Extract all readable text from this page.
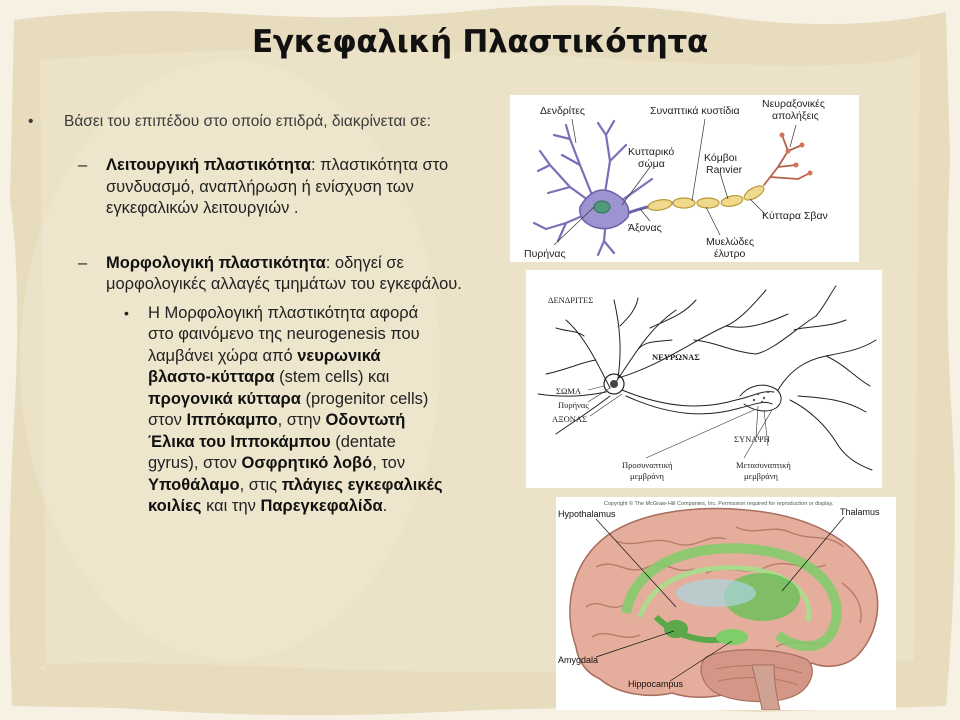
Εγκεφαλική Πλαστικότητα
• Βάσει του επιπέδου στο οποίο επιδρά, διακρίνεται σε:
– Λειτουργική πλαστικότητα: πλαστικότητα στο συνδυασμό, αναπλήρωση ή ενίσχυση των εγκεφαλικών λειτουργιών .
– Μορφολογική πλαστικότητα: οδηγεί σε μορφολογικές αλλαγές τμημάτων του εγκεφάλου.
• Η Μορφολογική πλαστικότητα αφορά στο φαινόμενο της neurogenesis που λαμβάνει χώρα από νευρωνικά βλαστο-κύτταρα (stem cells) και προγονικά κύτταρα (progenitor cells) στον Ιππόκαμπο, στην Οδοντωτή Έλικα του Ιπποκάμπου (dentate gyrus), στον Οσφρητικό λοβό, τον Υποθάλαμο, στις πλάγιες εγκεφαλικές κοιλίες και την Παρεγκεφαλίδα.
Δενδρίτες	Συναπτικά κυστίδια
Νευραξονικές
απολήξεις
Κυτταρικό
σώμα	Κόμβοι
Ranvier
Κύτταρα Σβαν
Άξονας
Μυελώδες
έλυτρο
Πυρήνας
ΔΕΝΔΡΙΤΕΣ
ΝΕΥΡΩΝΑΣ
ΣΩΜΑ
Πυρήνας
ΑΞΟΝΑΣ
ΣΥΝΑΨΗ
Προσυναπτική
μεμβράνη
Μετασυναπτική
μεμβράνη
Copyright © The McGraw-Hill Companies, Inc. Permission required for reproduction or display.
Hypothalamus	Thalamus
Amygdala
Hippocampus
